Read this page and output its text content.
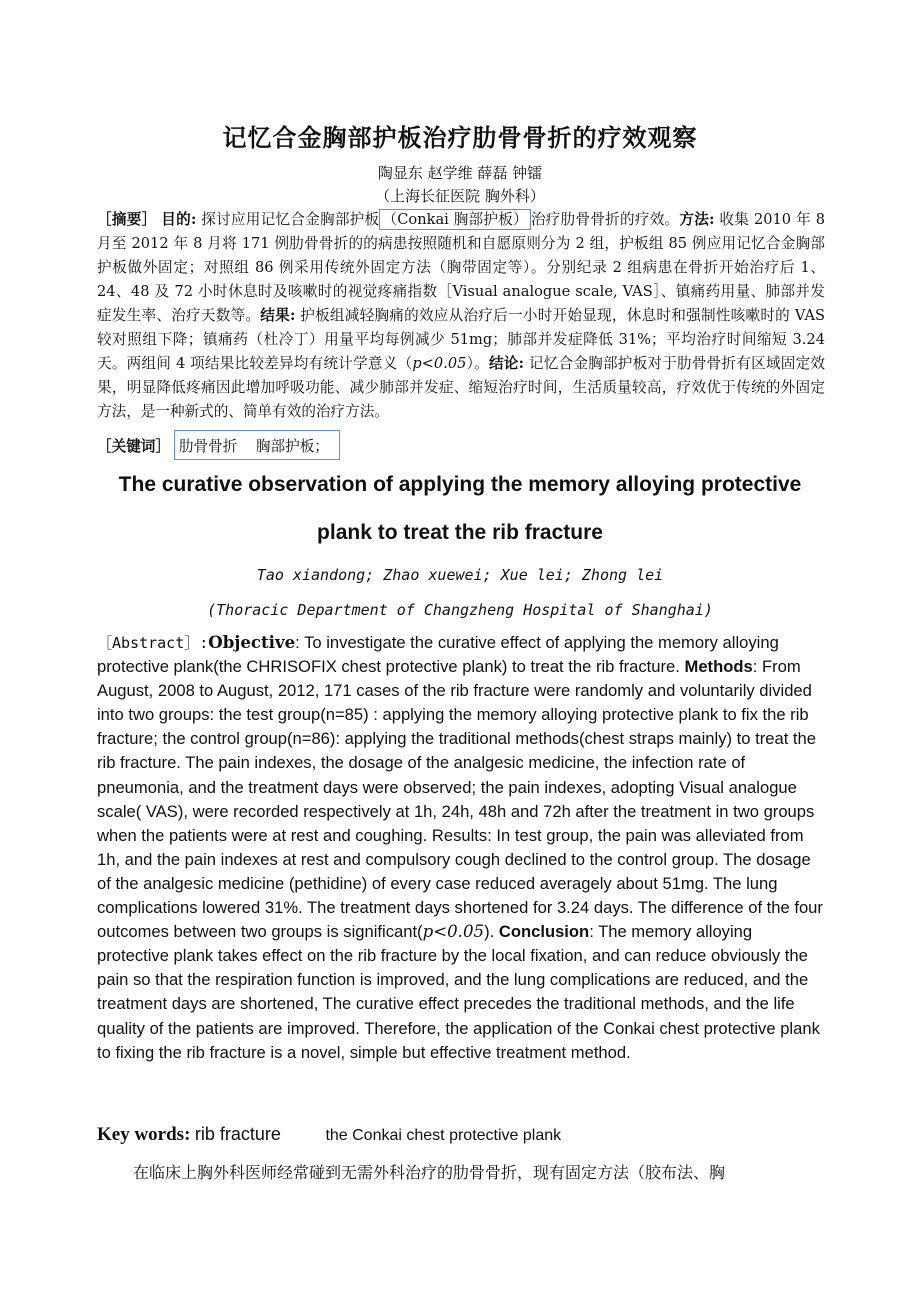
记忆合金胸部护板治疗肋骨骨折的疗效观察
陶显东 赵学维 薛磊 钟镭
（上海长征医院 胸外科）
［摘要］ 目的: 探讨应用记忆合金胸部护板 （Conkai 胸部护板） 治疗肋骨骨折的疗效。方法: 收集 2010 年 8 月至 2012 年 8 月将 171 例肋骨骨折的的病患按照随机和自愿原则分为 2 组，护板组 85 例应用记忆合金胸部护板做外固定；对照组 86 例采用传统外固定方法（胸带固定等）。分别纪录 2 组病患在骨折开始治疗后 1、24、48 及 72 小时休息时及咳嗽时的视觉疼痛指数［Visual analogue scale, VAS］、镇痛药用量、肺部并发症发生率、治疗天数等。结果: 护板组减轻胸痛的效应从治疗后一小时开始显现，休息时和强制性咳嗽时的 VAS 较对照组下降；镇痛药（杜冷丁）用量平均每例减少 51mg；肺部并发症降低 31%；平均治疗时间缩短 3.24 天。两组间 4 项结果比较差异均有统计学意义（p<0.05）。结论: 记忆合金胸部护板对于肋骨骨折有区域固定效果，明显降低疼痛因此增加呼吸功能、减少肺部并发症、缩短治疗时间，生活质量较高，疗效优于传统的外固定方法，是一种新式的、简单有效的治疗方法。
［关键词］ 肋骨骨折    胸部护板；
The curative observation of applying the memory alloying protective
plank to treat the rib fracture
Tao xiandong; Zhao xuewei; Xue lei; Zhong lei
(Thoracic Department of Changzheng Hospital of Shanghai)
［Abstract］:Objective: To investigate the curative effect of applying the memory alloying protective plank(the CHRISOFIX chest protective plank) to treat the rib fracture. Methods: From August, 2008 to August, 2012, 171 cases of the rib fracture were randomly and voluntarily divided into two groups: the test group(n=85) : applying the memory alloying protective plank to fix the rib fracture; the control group(n=86): applying the traditional methods(chest straps mainly) to treat the rib fracture. The pain indexes, the dosage of the analgesic medicine, the infection rate of pneumonia, and the treatment days were observed; the pain indexes, adopting Visual analogue scale( VAS), were recorded respectively at 1h, 24h, 48h and 72h after the treatment in two groups when the patients were at rest and coughing. Results: In test group, the pain was alleviated from 1h, and the pain indexes at rest and compulsory cough declined to the control group. The dosage of the analgesic medicine (pethidine) of every case reduced averagely about 51mg. The lung complications lowered 31%. The treatment days shortened for 3.24 days. The difference of the four outcomes between two groups is significant(p<0.05). Conclusion: The memory alloying protective plank takes effect on the rib fracture by the local fixation, and can reduce obviously the pain so that the respiration function is improved, and the lung complications are reduced, and the treatment days are shortened, The curative effect precedes the traditional methods, and the life quality of the patients are improved. Therefore, the application of the Conkai chest protective plank to fixing the rib fracture is a novel, simple but effective treatment method.
Key words: rib fracture	the Conkai chest protective plank
在临床上胸外科医师经常碰到无需外科治疗的肋骨骨折，现有固定方法（胶布法、胸
